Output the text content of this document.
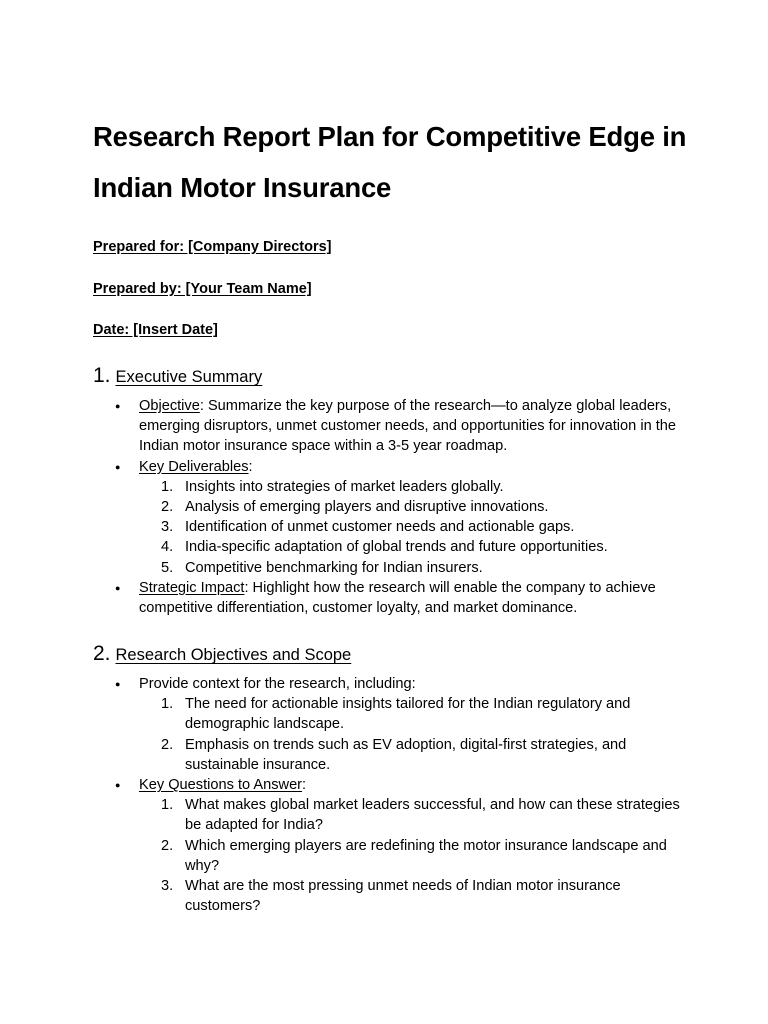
Research Report Plan for Competitive Edge in Indian Motor Insurance

Prepared for: [Company Directors]

Prepared by: [Your Team Name]

Date: [Insert Date]

1. Executive Summary
● Objective: Summarize the key purpose of the research—to analyze global leaders, emerging disruptors, unmet customer needs, and opportunities for innovation in the Indian motor insurance space within a 3-5 year roadmap.
● Key Deliverables:
1. Insights into strategies of market leaders globally.
2. Analysis of emerging players and disruptive innovations.
3. Identification of unmet customer needs and actionable gaps.
4. India-specific adaptation of global trends and future opportunities.
5. Competitive benchmarking for Indian insurers.
● Strategic Impact: Highlight how the research will enable the company to achieve competitive differentiation, customer loyalty, and market dominance.
2. Research Objectives and Scope
● Provide context for the research, including:
1. The need for actionable insights tailored for the Indian regulatory and demographic landscape.
2. Emphasis on trends such as EV adoption, digital-first strategies, and sustainable insurance.
● Key Questions to Answer:
1. What makes global market leaders successful, and how can these strategies be adapted for India?
2. Which emerging players are redefining the motor insurance landscape and why?
3. What are the most pressing unmet needs of Indian motor insurance customers?
